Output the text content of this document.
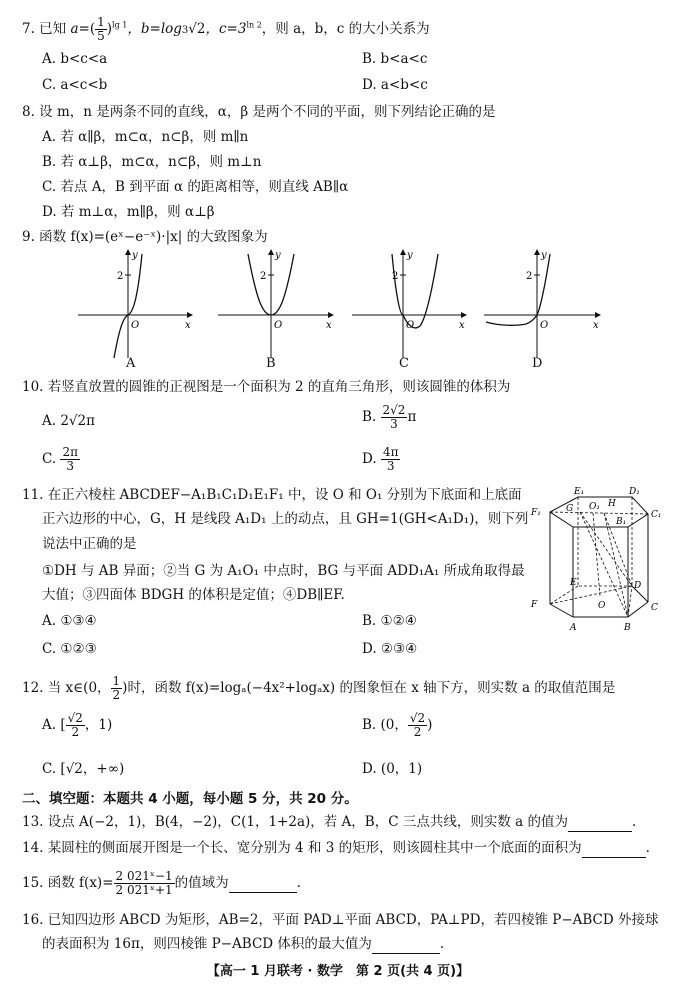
7. 已知 $a=( \frac{1}{5} )^{lg 1}$，b=log3√2，$c=3^{ln 2}$，则 a，b，c 的大小关系为
A. b<c<a	B. b<a<c
C. a<c<b	D. a<b<c
8. 设 m，n 是两条不同的直线，α，β 是两个不同的平面，则下列结论正确的是
A. 若 α∥β，m⊂α，n⊂β，则 m∥n
B. 若 α⊥β，m⊂α，n⊂β，则 m⊥n
C. 若点 A，B 到平面 α 的距离相等，则直线 AB∥α
D. 若 m⊥α，m∥β，则 α⊥β
9. 函数 f(x)=(eˣ−e⁻ˣ)·|x| 的大致图象为
2
O	x
y
2
O	x
y
2
O	x
y
2
O	x
y
A	B	C	D
10. 若竖直放置的圆锥的正视图是一个面积为 2 的直角三角形，则该圆锥的体积为
A. 2√2π	B. $\frac{2√2}{3}$ π
C. $\frac{2\pi}{3}$	D. $\frac{4\pi}{3}$
11. 在正六棱柱 ABCDEF−A₁B₁C₁D₁E₁F₁ 中，设 O 和 O₁ 分别为下底面和上底面
正六边形的中心，G，H 是线段 A₁D₁ 上的动点，且 GH=1(GH<A₁D₁)，则下列
说法中正确的是
①DH 与 AB 异面；②当 G 为 A₁O₁ 中点时，BG 与平面 ADD₁A₁ 所成角取得最
大值；③四面体 BDGH 的体积是定值；④DB∥EF.
A. ①③④	B. ①②④
C. ①②③	D. ②③④
E₁	D₁
F₁	G O₁ H
B₁
C₁
E	D
F	O	C
A	B
12. 当 x∈(0， $\frac{1}{2}$ )时，函数 f(x)=logₐ(−4x²+logₐx) 的图象恒在 x 轴下方，则实数 a 的取值范围是
A. [ $\frac{√2}{2}$ ，1)	B. (0， $\frac{√2}{2}$ )
C. [√2，+∞)	D. (0，1)
二、填空题：本题共 4 小题，每小题 5 分，共 20 分。
13. 设点 A(−2，1)，B(4，−2)，C(1，1+2a)，若 A，B，C 三点共线，则实数 a 的值为	.
14. 某圆柱的侧面展开图是一个长、宽分别为 4 和 3 的矩形，则该圆柱其中一个底面的面积为	.
15. 函数 $f(x)= \frac{\text{2 021ˣ−1}}{\text{2 021ˣ+1}}$ 的值域为	.
16. 已知四边形 ABCD 为矩形，AB=2，平面 PAD⊥平面 ABCD，PA⊥PD，若四棱锥 P−ABCD 外接球
的表面积为 16π，则四棱锥 P−ABCD 体积的最大值为	.
【高一 1 月联考 · 数学　第 2 页(共 4 页)】
